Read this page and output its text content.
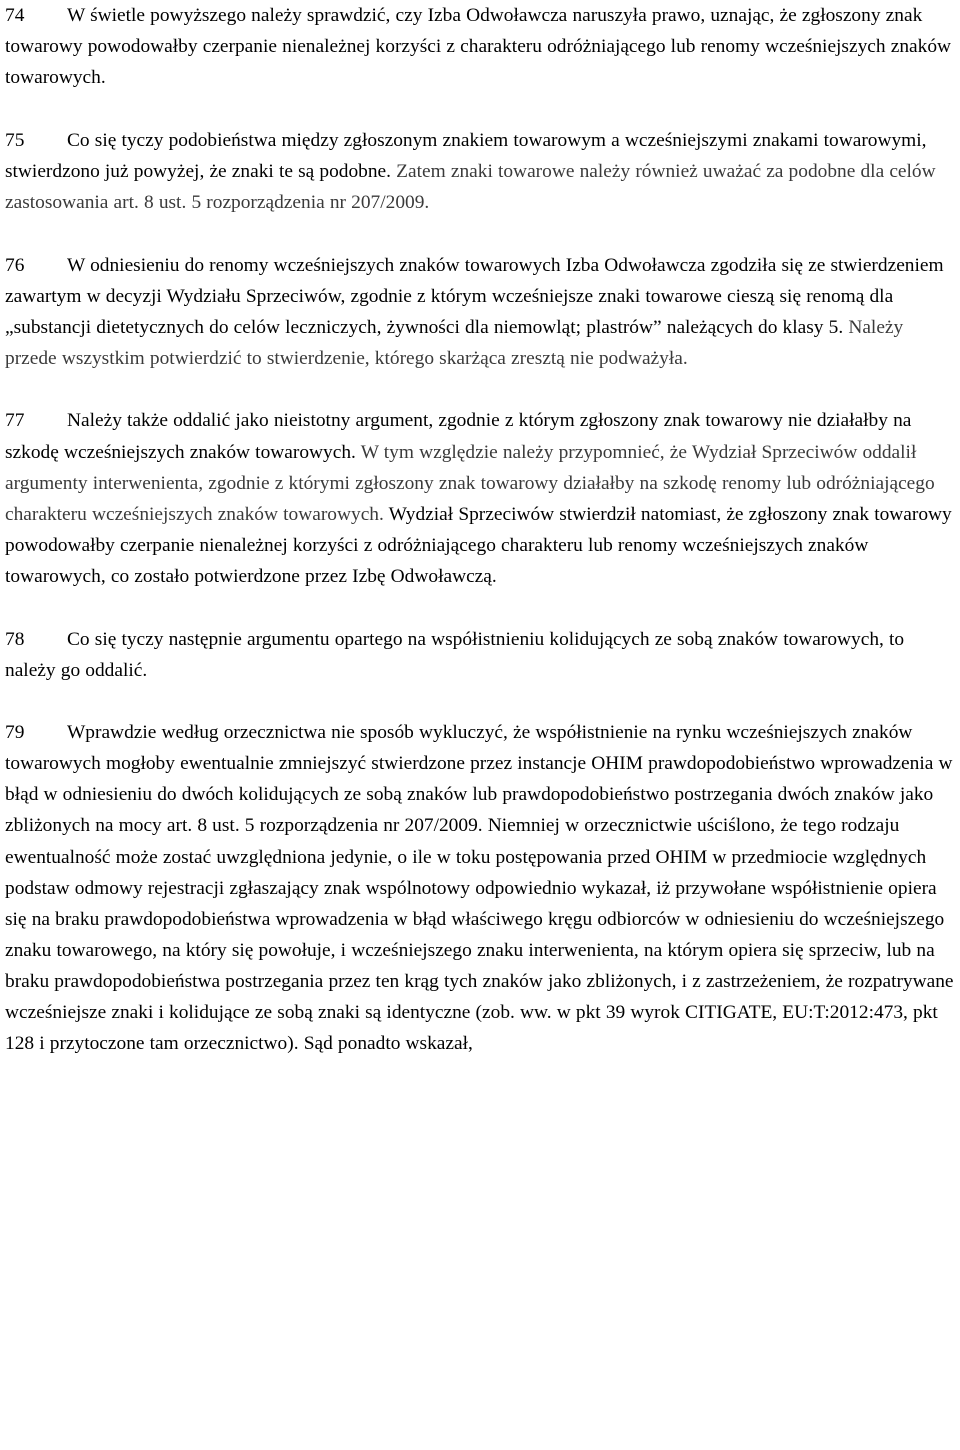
74 W świetle powyższego należy sprawdzić, czy Izba Odwoławcza naruszyła prawo, uznając, że zgłoszony znak towarowy powodowałby czerpanie nienależnej korzyści z charakteru odróżniającego lub renomy wcześniejszych znaków towarowych.

75 Co się tyczy podobieństwa między zgłoszonym znakiem towarowym a wcześniejszymi znakami towarowymi, stwierdzono już powyżej, że znaki te są podobne. Zatem znaki towarowe należy również uważać za podobne dla celów zastosowania art. 8 ust. 5 rozporządzenia nr 207/2009.

76 W odniesieniu do renomy wcześniejszych znaków towarowych Izba Odwoławcza zgodziła się ze stwierdzeniem zawartym w decyzji Wydziału Sprzeciwów, zgodnie z którym wcześniejsze znaki towarowe cieszą się renomą dla „substancji dietetycznych do celów leczniczych, żywności dla niemowląt; plastrów” należących do klasy 5. Należy przede wszystkim potwierdzić to stwierdzenie, którego skarżąca zresztą nie podważyła.

77 Należy także oddalić jako nieistotny argument, zgodnie z którym zgłoszony znak towarowy nie działałby na szkodę wcześniejszych znaków towarowych. W tym względzie należy przypomnieć, że Wydział Sprzeciwów oddalił argumenty interwenienta, zgodnie z którymi zgłoszony znak towarowy działałby na szkodę renomy lub odróżniającego charakteru wcześniejszych znaków towarowych. Wydział Sprzeciwów stwierdził natomiast, że zgłoszony znak towarowy powodowałby czerpanie nienależnej korzyści z odróżniającego charakteru lub renomy wcześniejszych znaków towarowych, co zostało potwierdzone przez Izbę Odwoławczą.

78 Co się tyczy następnie argumentu opartego na współistnieniu kolidujących ze sobą znaków towarowych, to należy go oddalić.

79 Wprawdzie według orzecznictwa nie sposób wykluczyć, że współistnienie na rynku wcześniejszych znaków towarowych mogłoby ewentualnie zmniejszyć stwierdzone przez instancje OHIM prawdopodobieństwo wprowadzenia w błąd w odniesieniu do dwóch kolidujących ze sobą znaków lub prawdopodobieństwo postrzegania dwóch znaków jako zbliżonych na mocy art. 8 ust. 5 rozporządzenia nr 207/2009. Niemniej w orzecznictwie uściślono, że tego rodzaju ewentualność może zostać uwzględniona jedynie, o ile w toku postępowania przed OHIM w przedmiocie względnych podstaw odmowy rejestracji zgłaszający znak wspólnotowy odpowiednio wykazał, iż przywołane współistnienie opiera się na braku prawdopodobieństwa wprowadzenia w błąd właściwego kręgu odbiorców w odniesieniu do wcześniejszego znaku towarowego, na który się powołuje, i wcześniejszego znaku interwenienta, na którym opiera się sprzeciw, lub na braku prawdopodobieństwa postrzegania przez ten krąg tych znaków jako zbliżonych, i z zastrzeżeniem, że rozpatrywane wcześniejsze znaki i kolidujące ze sobą znaki są identyczne (zob. ww. w pkt 39 wyrok CITIGATE, EU:T:2012:473, pkt 128 i przytoczone tam orzecznictwo). Sąd ponadto wskazał,
